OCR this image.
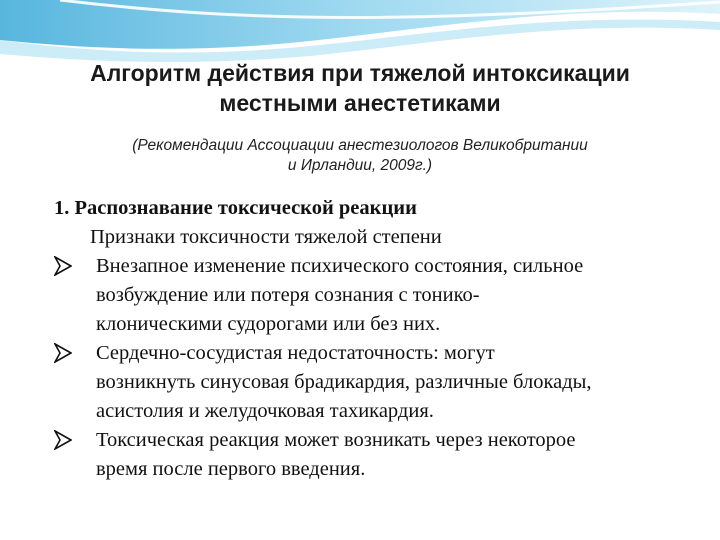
Алгоритм действия при тяжелой интоксикации
местными анестетиками
(Рекомендации Ассоциации анестезиологов Великобритании
и Ирландии, 2009г.)
1. Распознавание токсической реакции
Признаки токсичности тяжелой степени
Внезапное изменение психического состояния, сильное
возбуждение или потеря сознания с тонико-
клоническими судорогами или без них.
Сердечно-сосудистая недостаточность: могут
возникнуть синусовая брадикардия, различные блокады,
асистолия и желудочковая тахикардия.
Токсическая реакция может возникать через некоторое
время после первого введения.
